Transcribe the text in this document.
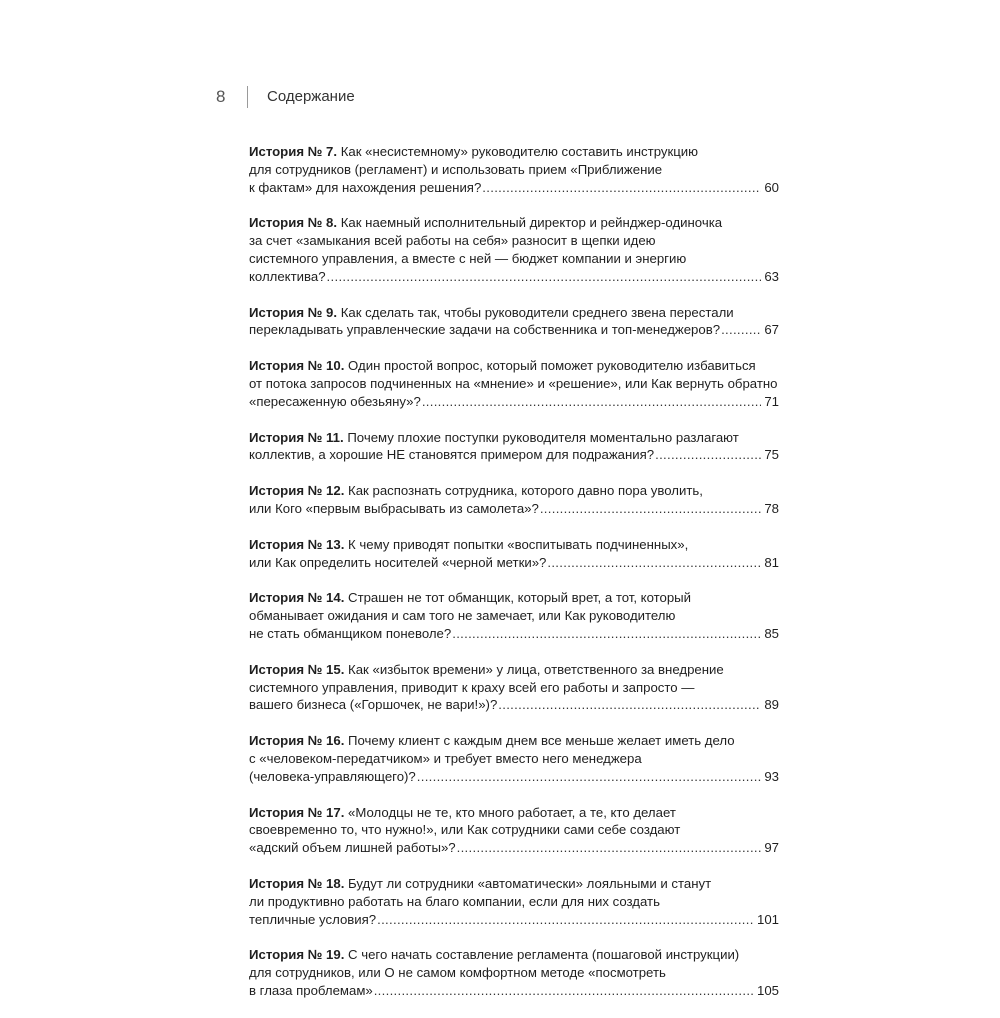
8	Содержание
История № 7. Как «несистемному» руководителю составить инструкцию
для сотрудников (регламент) и использовать прием «Приближение
к фактам» для нахождения решения? .....	60
История № 8. Как наемный исполнительный директор и рейнджер-одиночка
за счет «замыкания всей работы на себя» разносит в щепки идею
системного управления, а вместе с ней — бюджет компании и энергию
коллектива? .....	63
История № 9. Как сделать так, чтобы руководители среднего звена перестали
перекладывать управленческие задачи на собственника и топ-менеджеров? .....	67
История № 10. Один простой вопрос, который поможет руководителю избавиться
от потока запросов подчиненных на «мнение» и «решение», или Как вернуть обратно
«пересаженную обезьяну»? .....	71
История № 11. Почему плохие поступки руководителя моментально разлагают
коллектив, а хорошие НЕ становятся примером для подражания? .....	75
История № 12. Как распознать сотрудника, которого давно пора уволить,
или Кого «первым выбрасывать из самолета»? .....	78
История № 13. К чему приводят попытки «воспитывать подчиненных»,
или Как определить носителей «черной метки»? .....	81
История № 14. Страшен не тот обманщик, который врет, а тот, который
обманывает ожидания и сам того не замечает, или Как руководителю
не стать обманщиком поневоле? .....	85
История № 15. Как «избыток времени» у лица, ответственного за внедрение
системного управления, приводит к краху всей его работы и запросто —
вашего бизнеса («Горшочек, не вари!»)? .....	89
История № 16. Почему клиент с каждым днем все меньше желает иметь дело
с «человеком-передатчиком» и требует вместо него менеджера
(человека-управляющего)? .....	93
История № 17. «Молодцы не те, кто много работает, а те, кто делает
своевременно то, что нужно!», или Как сотрудники сами себе создают
«адский объем лишней работы»? .....	97
История № 18. Будут ли сотрудники «автоматически» лояльными и станут
ли продуктивно работать на благо компании, если для них создать
тепличные условия? .....	101
История № 19. С чего начать составление регламента (пошаговой инструкции)
для сотрудников, или О не самом комфортном методе «посмотреть
в глаза проблемам» .....	105
